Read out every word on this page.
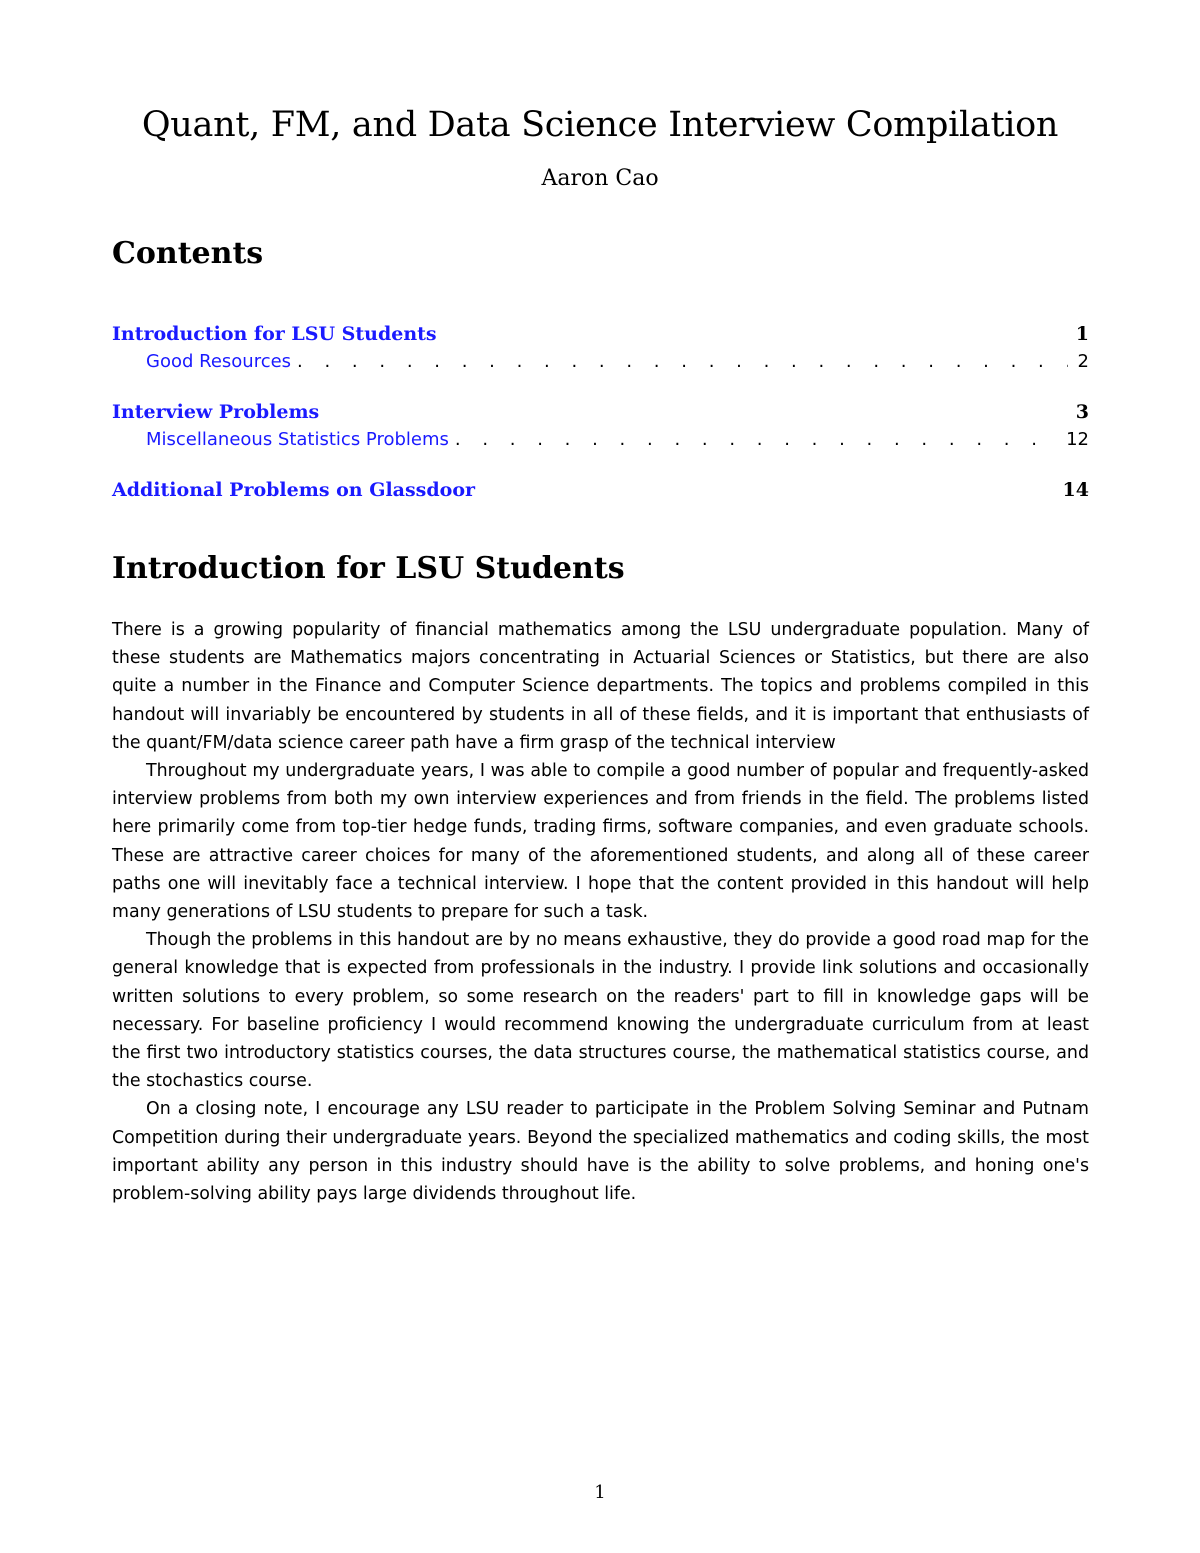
Quant, FM, and Data Science Interview Compilation
Aaron Cao
Contents
Introduction for LSU Students	1
Good Resources . . .	2
Interview Problems	3
Miscellaneous Statistics Problems . . .	12
Additional Problems on Glassdoor	14
Introduction for LSU Students

There is a growing popularity of financial mathematics among the LSU undergraduate population. Many of these students are Mathematics majors concentrating in Actuarial Sciences or Statistics, but there are also quite a number in the Finance and Computer Science departments. The topics and problems compiled in this handout will invariably be encountered by students in all of these fields, and it is important that enthusiasts of the quant/FM/data science career path have a firm grasp of the technical interview

Throughout my undergraduate years, I was able to compile a good number of popular and frequently-asked interview problems from both my own interview experiences and from friends in the field. The problems listed here primarily come from top-tier hedge funds, trading firms, software companies, and even graduate schools. These are attractive career choices for many of the aforementioned students, and along all of these career paths one will inevitably face a technical interview. I hope that the content provided in this handout will help many generations of LSU students to prepare for such a task.

Though the problems in this handout are by no means exhaustive, they do provide a good road map for the general knowledge that is expected from professionals in the industry. I provide link solutions and occasionally written solutions to every problem, so some research on the readers' part to fill in knowledge gaps will be necessary. For baseline proficiency I would recommend knowing the undergraduate curriculum from at least the first two introductory statistics courses, the data structures course, the mathematical statistics course, and the stochastics course.

On a closing note, I encourage any LSU reader to participate in the Problem Solving Seminar and Putnam Competition during their undergraduate years. Beyond the specialized mathematics and coding skills, the most important ability any person in this industry should have is the ability to solve problems, and honing one's problem-solving ability pays large dividends throughout life.

1
